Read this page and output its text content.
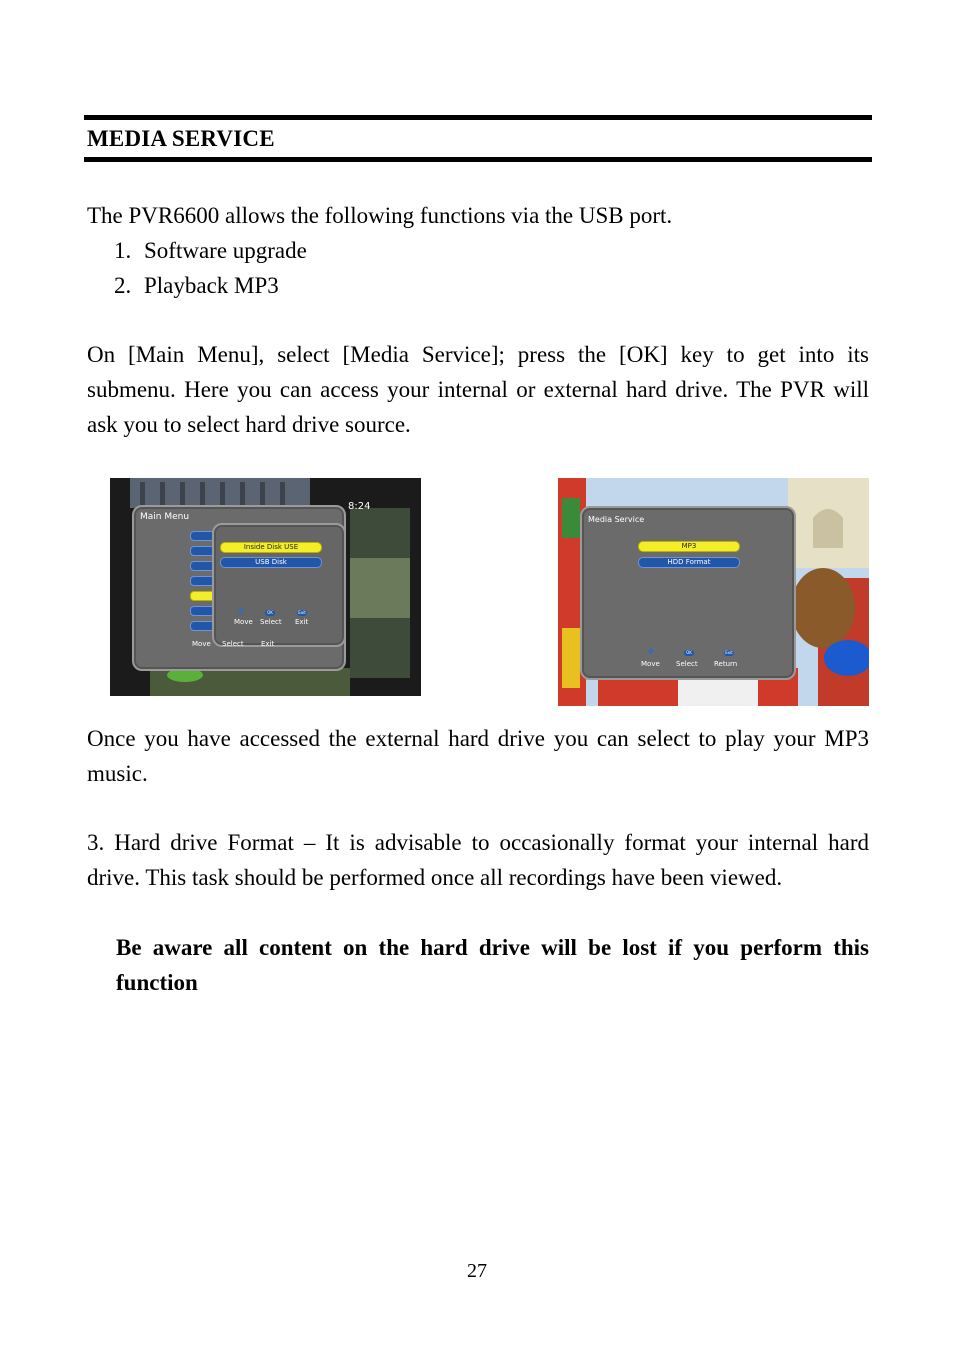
MEDIA SERVICE
The PVR6600 allows the following functions via the USB port.
1. Software upgrade
2. Playback MP3
On [Main Menu], select [Media Service]; press the [OK] key to get into its submenu. Here you can access your internal or external hard drive. The PVR will ask you to select hard drive source.
Main Menu
8:24
Inside Disk USE
USB Disk
Move Select Exit
✥	OK	Exit
Move Select Exit
Media Service
MP3
HDD Format
✥	OK	Exit
Move Select Return
Once you have accessed the external hard drive you can select to play your MP3 music.
3. Hard drive Format – It is advisable to occasionally format your internal hard drive. This task should be performed once all recordings have been viewed.
Be aware all content on the hard drive will be lost if you perform this function
27
